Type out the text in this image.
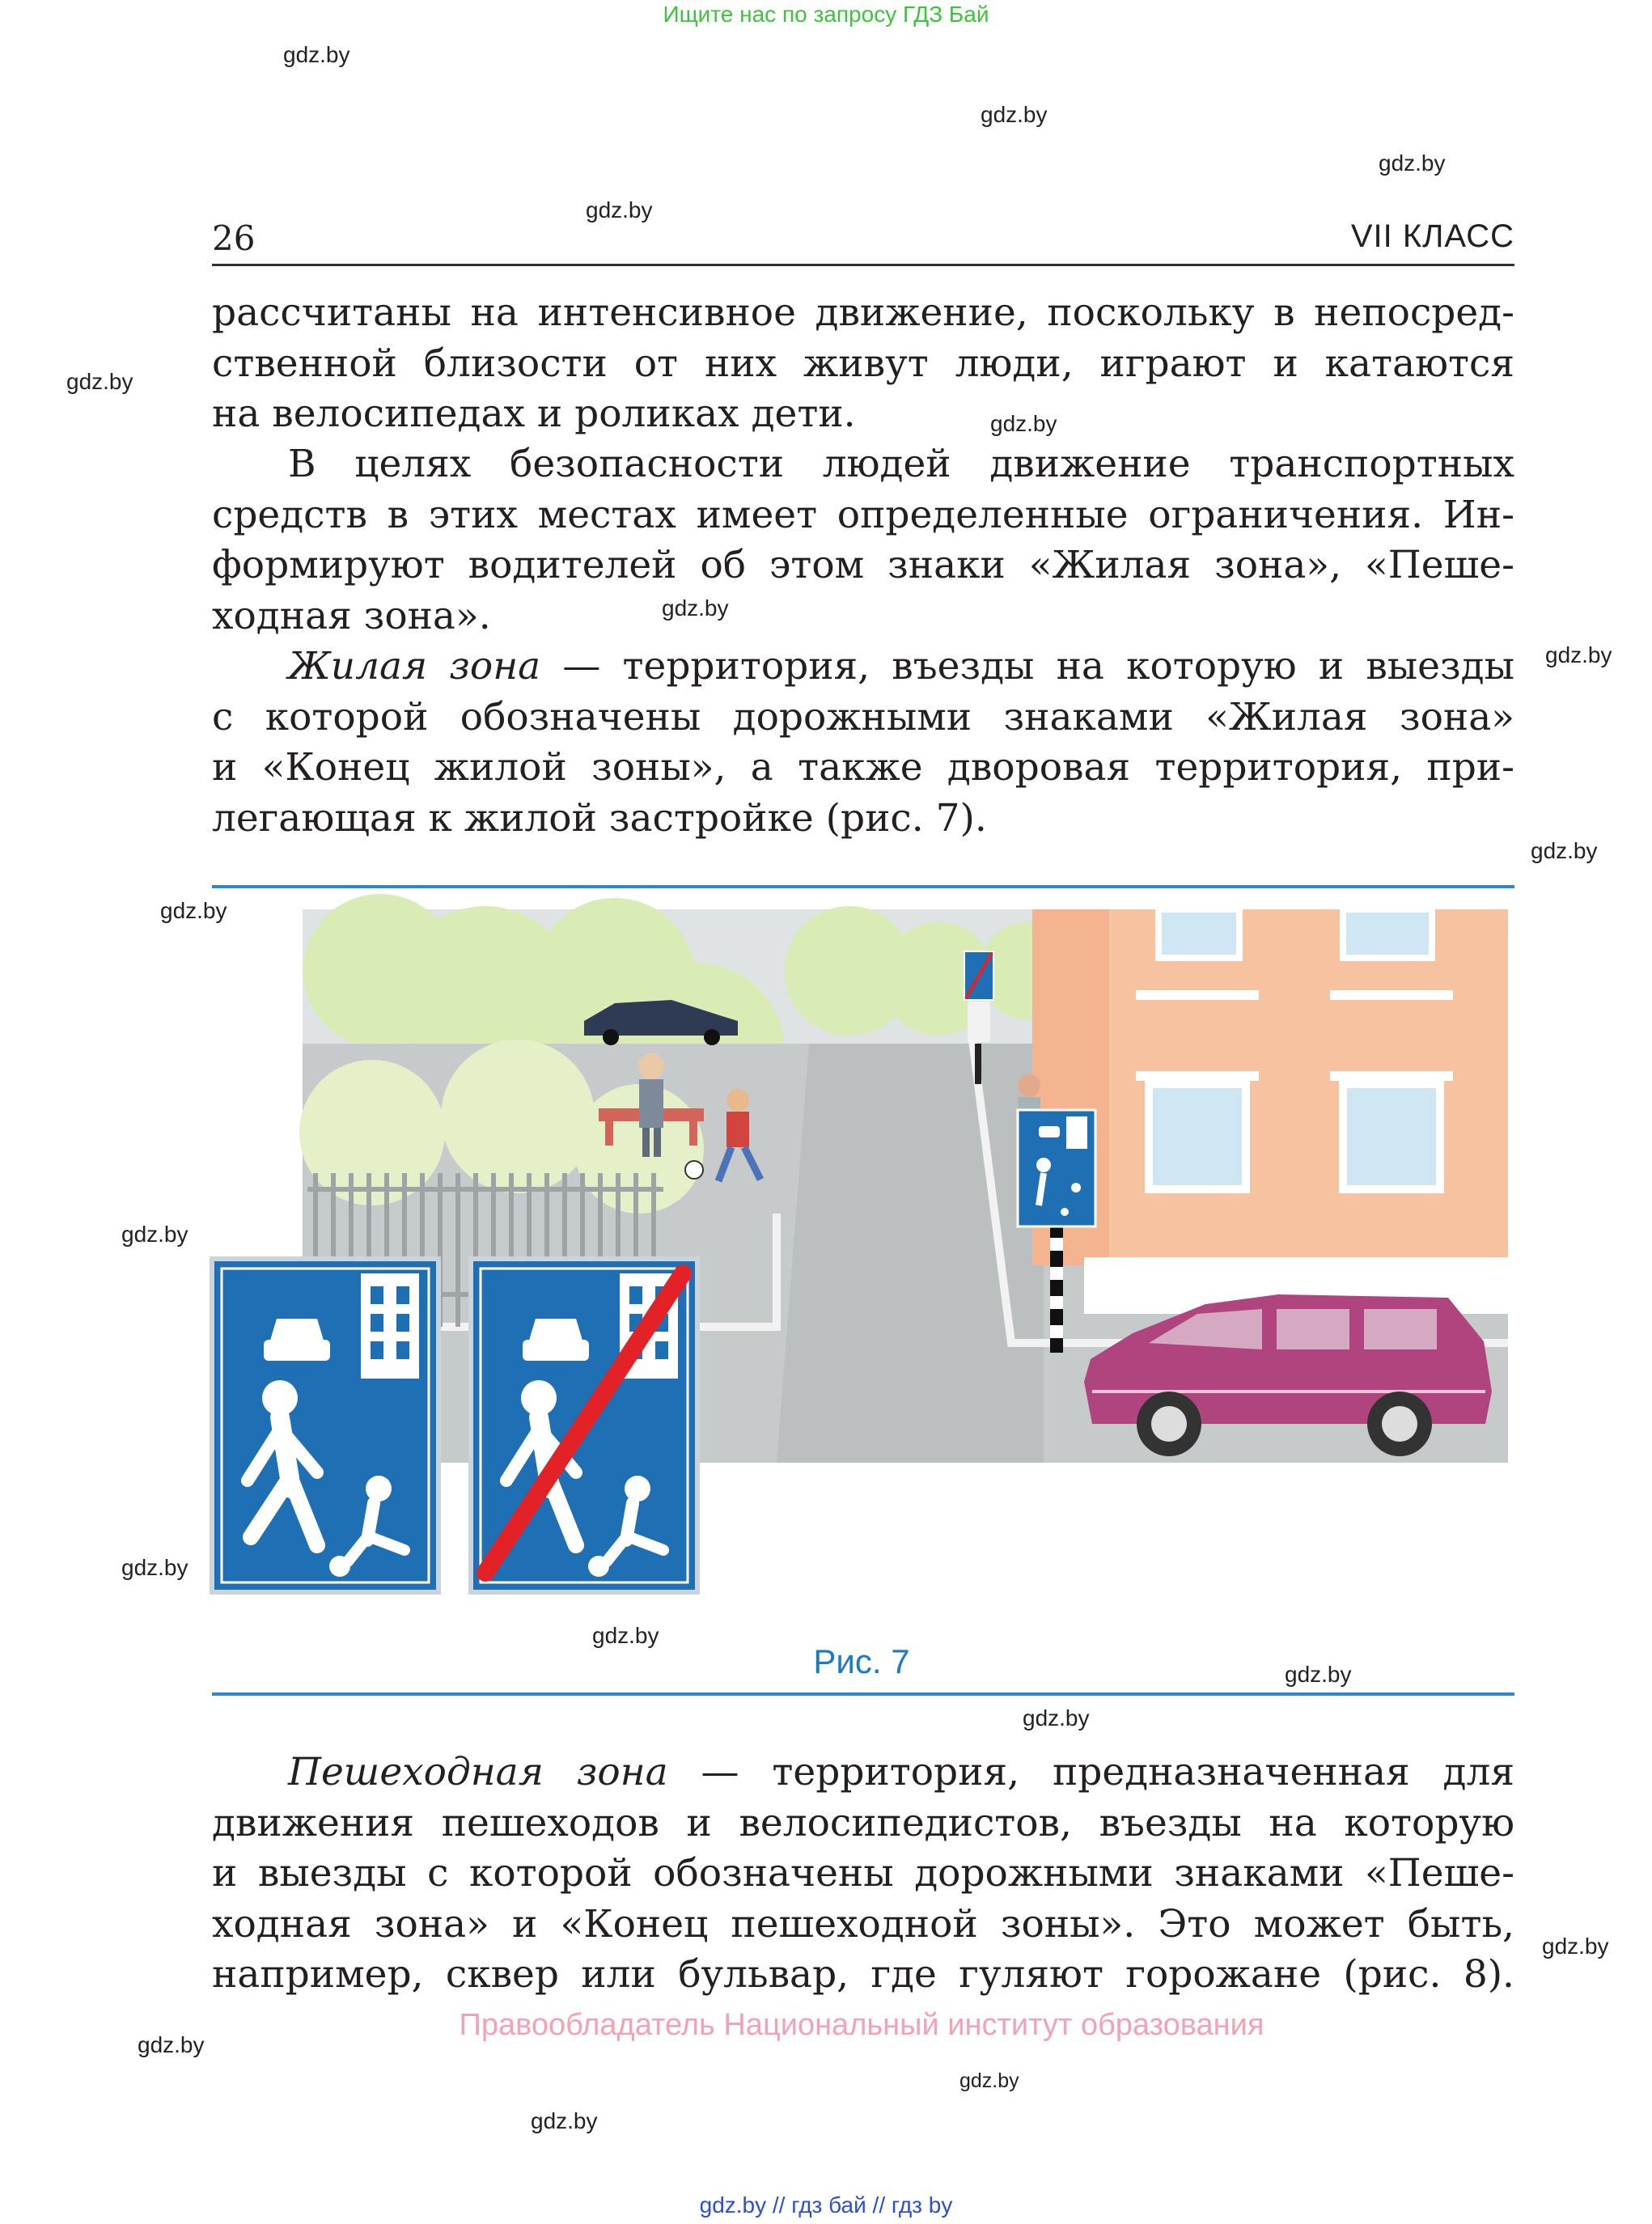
Ищите нас по запросу ГДЗ Бай
gdz.by
gdz.by
gdz.by
gdz.by
gdz.by
gdz.by
gdz.by
gdz.by
gdz.by
gdz.by
gdz.by
gdz.by
gdz.by
gdz.by
gdz.by
gdz.by
gdz.by
gdz.by
gdz.by
26	VII КЛАСС
рассчитаны на интенсивное движение, поскольку в непосред-
ственной близости от них живут люди, играют и катаются
на велосипедах и роликах дети.
В целях безопасности людей движение транспортных
средств в этих местах имеет определенные ограничения. Ин-
формируют водителей об этом знаки «Жилая зона», «Пеше-
ходная зона».
Жилая зона — территория, въезды на которую и выезды
с которой обозначены дорожными знаками «Жилая зона»
и «Конец жилой зоны», а также дворовая территория, при-
легающая к жилой застройке (рис. 7).
Рис. 7
Пешеходная зона — территория, предназначенная для
движения пешеходов и велосипедистов, въезды на которую
и выезды с которой обозначены дорожными знаками «Пеше-
ходная зона» и «Конец пешеходной зоны». Это может быть,
например, сквер или бульвар, где гуляют горожане (рис. 8).
Правообладатель Национальный институт образования
gdz.by // гдз бай // гдз by
